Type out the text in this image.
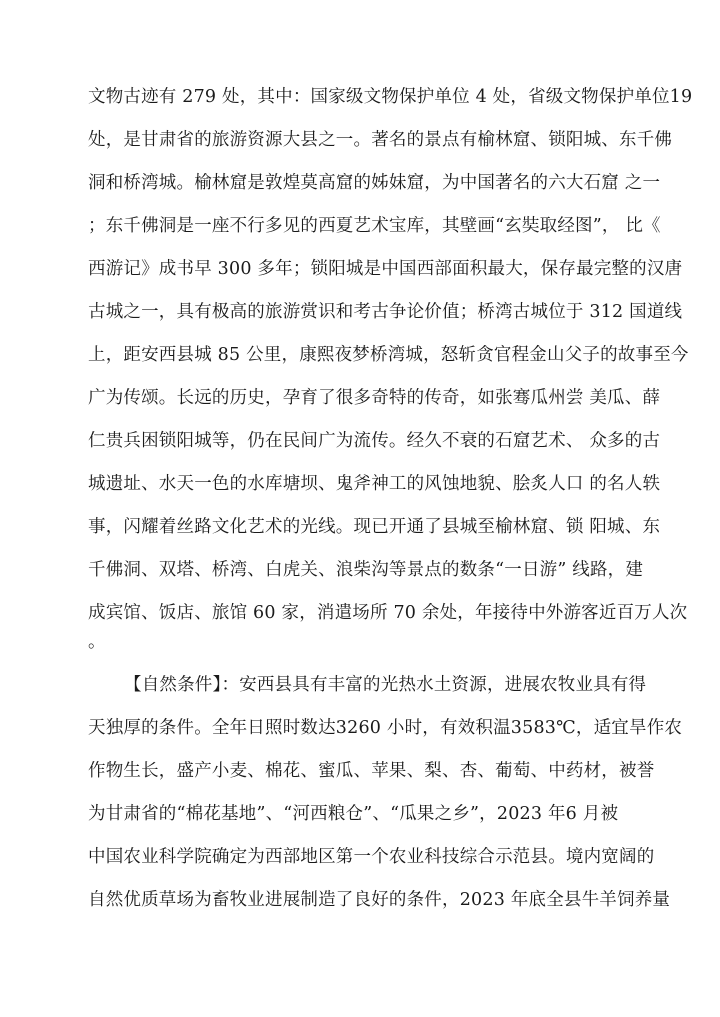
文物古迹有 279 处，其中：国家级文物保护单位 4 处，省级文物保护单位19
处，是甘肃省的旅游资源大县之一。著名的景点有榆林窟、锁阳城、东千佛
洞和桥湾城。榆林窟是敦煌莫高窟的姊妹窟，为中国著名的六大石窟 之一
；东千佛洞是一座不行多见的西夏艺术宝库，其壁画“玄奘取经图”， 比《
西游记》成书早 300 多年；锁阳城是中国西部面积最大，保存最完整的汉唐
古城之一，具有极高的旅游赏识和考古争论价值；桥湾古城位于 312 国道线
上，距安西县城 85 公里，康熙夜梦桥湾城，怒斩贪官程金山父子的故事至今
广为传颂。长远的历史，孕育了很多奇特的传奇，如张骞瓜州尝 美瓜、薛
仁贵兵困锁阳城等，仍在民间广为流传。经久不衰的石窟艺术、 众多的古
城遗址、水天一色的水库塘坝、鬼斧神工的风蚀地貌、脍炙人口 的名人轶
事，闪耀着丝路文化艺术的光线。现已开通了县城至榆林窟、锁 阳城、东
千佛洞、双塔、桥湾、白虎关、浪柴沟等景点的数条“一日游” 线路，建
成宾馆、饭店、旅馆 60 家，消遣场所 70 余处，年接待中外游客近百万人次
。
【自然条件】：安西县具有丰富的光热水土资源，进展农牧业具有得
天独厚的条件。全年日照时数达3260 小时，有效积温3583℃，适宜旱作农
作物生长，盛产小麦、棉花、蜜瓜、苹果、梨、杏、葡萄、中药材，被誉
为甘肃省的“棉花基地”、“河西粮仓”、“瓜果之乡”，2023 年6 月被
中国农业科学院确定为西部地区第一个农业科技综合示范县。境内宽阔的
自然优质草场为畜牧业进展制造了良好的条件，2023 年底全县牛羊饲养量
